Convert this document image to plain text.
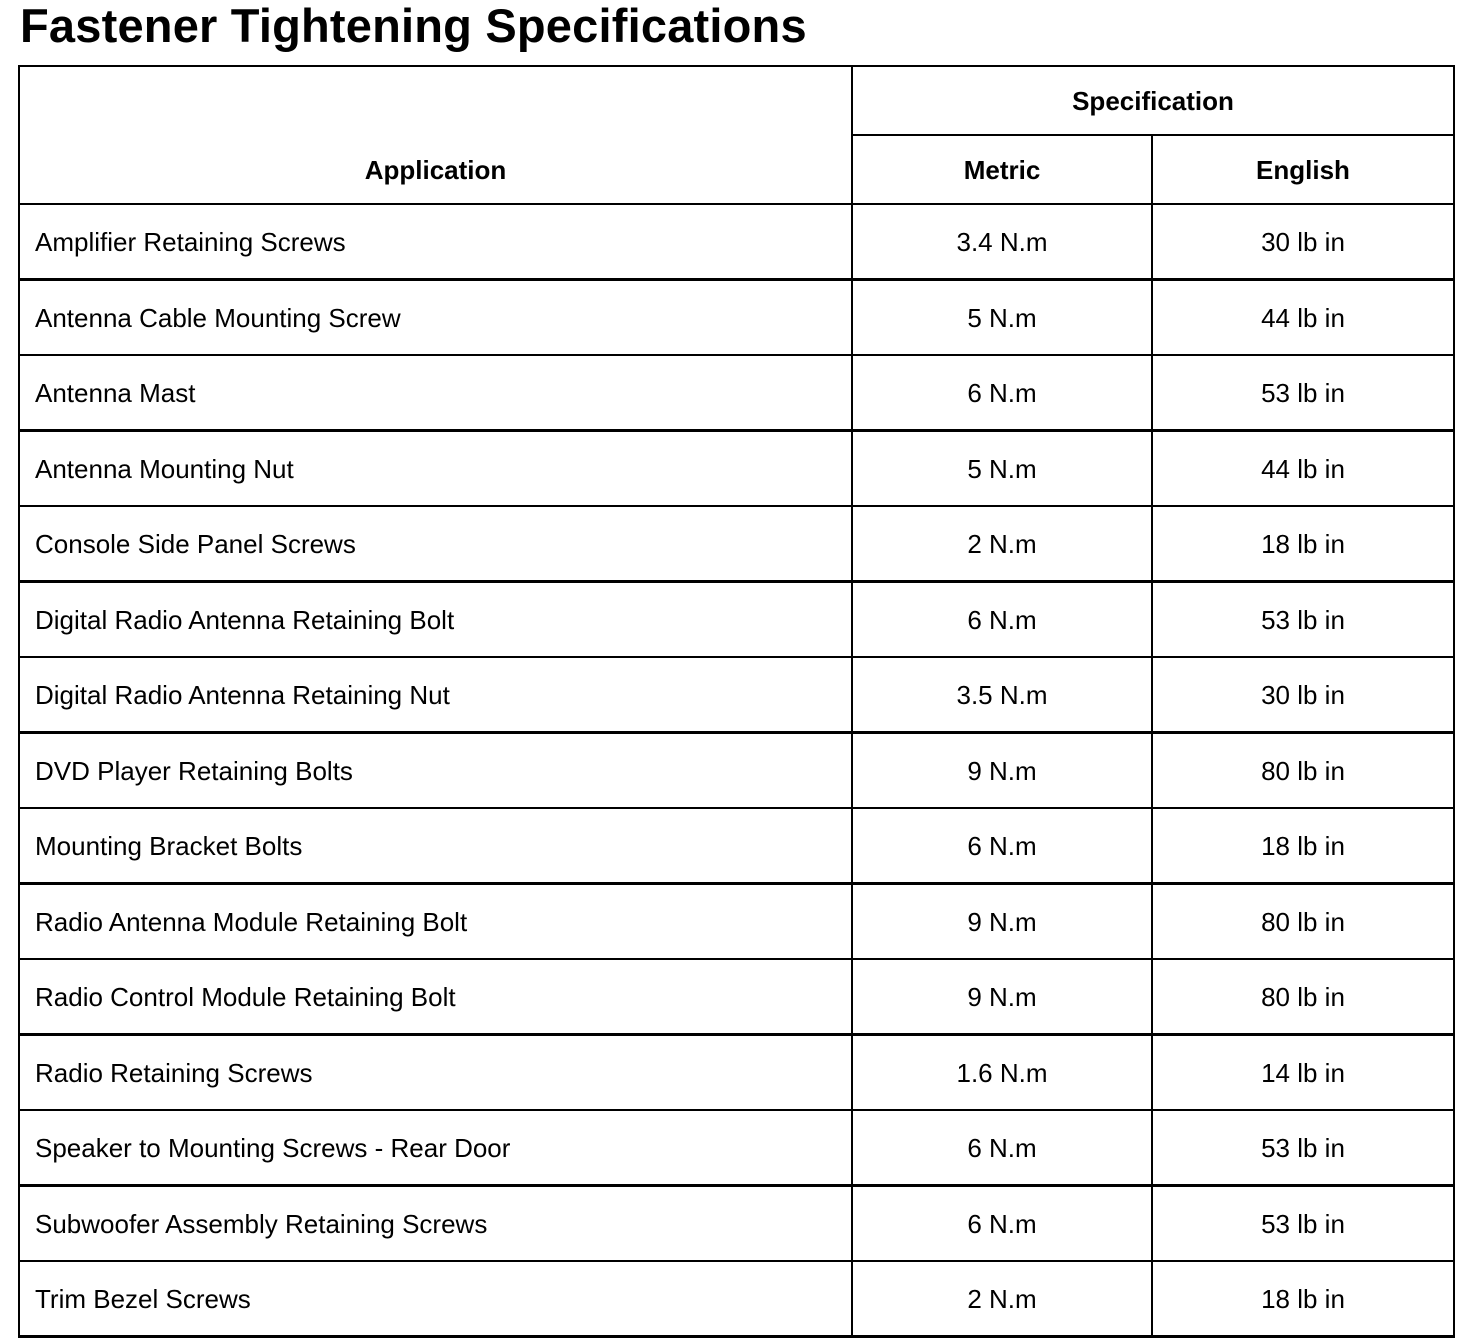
Fastener Tightening Specifications
Application	Specification	
	Metric	English
Amplifier Retaining Screws	3.4 N.m	30 lb in
Antenna Cable Mounting Screw	5 N.m	44 lb in
Antenna Mast	6 N.m	53 lb in
Antenna Mounting Nut	5 N.m	44 lb in
Console Side Panel Screws	2 N.m	18 lb in
Digital Radio Antenna Retaining Bolt	6 N.m	53 lb in
Digital Radio Antenna Retaining Nut	3.5 N.m	30 lb in
DVD Player Retaining Bolts	9 N.m	80 lb in
Mounting Bracket Bolts	6 N.m	18 lb in
Radio Antenna Module Retaining Bolt	9 N.m	80 lb in
Radio Control Module Retaining Bolt	9 N.m	80 lb in
Radio Retaining Screws	1.6 N.m	14 lb in
Speaker to Mounting Screws - Rear Door	6 N.m	53 lb in
Subwoofer Assembly Retaining Screws	6 N.m	53 lb in
Trim Bezel Screws	2 N.m	18 lb in
